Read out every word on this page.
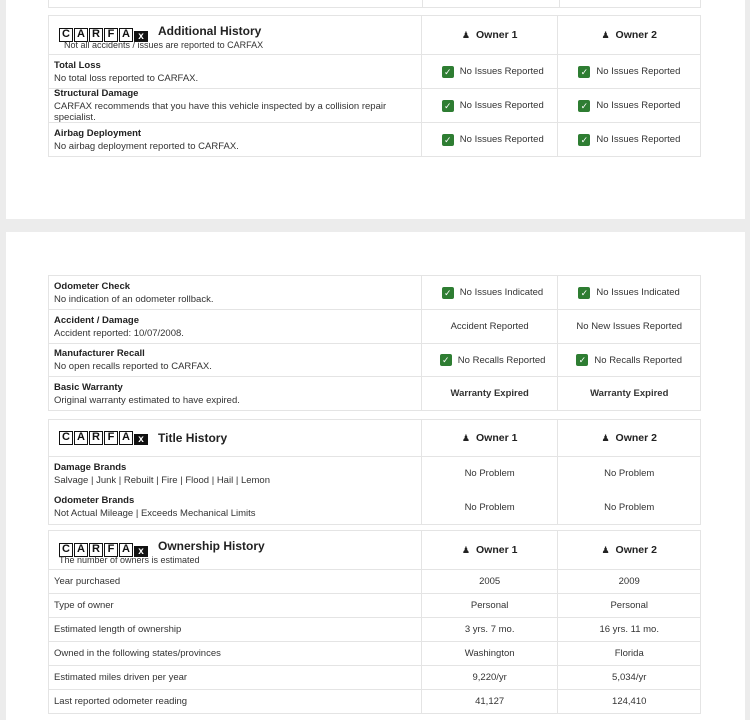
C A R F A x
Not all accidents / issues are reported to CARFAX
Additional History	♟ Owner 1	♟ Owner 2
Total Loss
No total loss reported to CARFAX.
✓ No Issues Reported	✓ No Issues Reported
Structural Damage
CARFAX recommends that you have this vehicle inspected by a collision repair specialist.
✓ No Issues Reported	✓ No Issues Reported
Airbag Deployment
No airbag deployment reported to CARFAX.
✓ No Issues Reported	✓ No Issues Reported
Odometer Check
No indication of an odometer rollback.
✓ No Issues Indicated	✓ No Issues Indicated
Accident / Damage
Accident reported: 10/07/2008.
Accident Reported	No New Issues Reported
Manufacturer Recall
No open recalls reported to CARFAX.
✓ No Recalls Reported	✓ No Recalls Reported
Basic Warranty
Original warranty estimated to have expired.
Warranty Expired	Warranty Expired
C A R F A x	Title History	♟ Owner 1	♟ Owner 2
Damage Brands
Salvage | Junk | Rebuilt | Fire | Flood | Hail | Lemon
No Problem	No Problem
Odometer Brands
Not Actual Mileage | Exceeds Mechanical Limits
No Problem	No Problem
C A R F A x
The number of owners is estimated
Ownership History	♟ Owner 1	♟ Owner 2
Year purchased	2005	2009
Type of owner	Personal	Personal
Estimated length of ownership	3 yrs. 7 mo.	16 yrs. 11 mo.
Owned in the following states/provinces	Washington	Florida
Estimated miles driven per year	9,220/yr	5,034/yr
Last reported odometer reading	41,127	124,410
